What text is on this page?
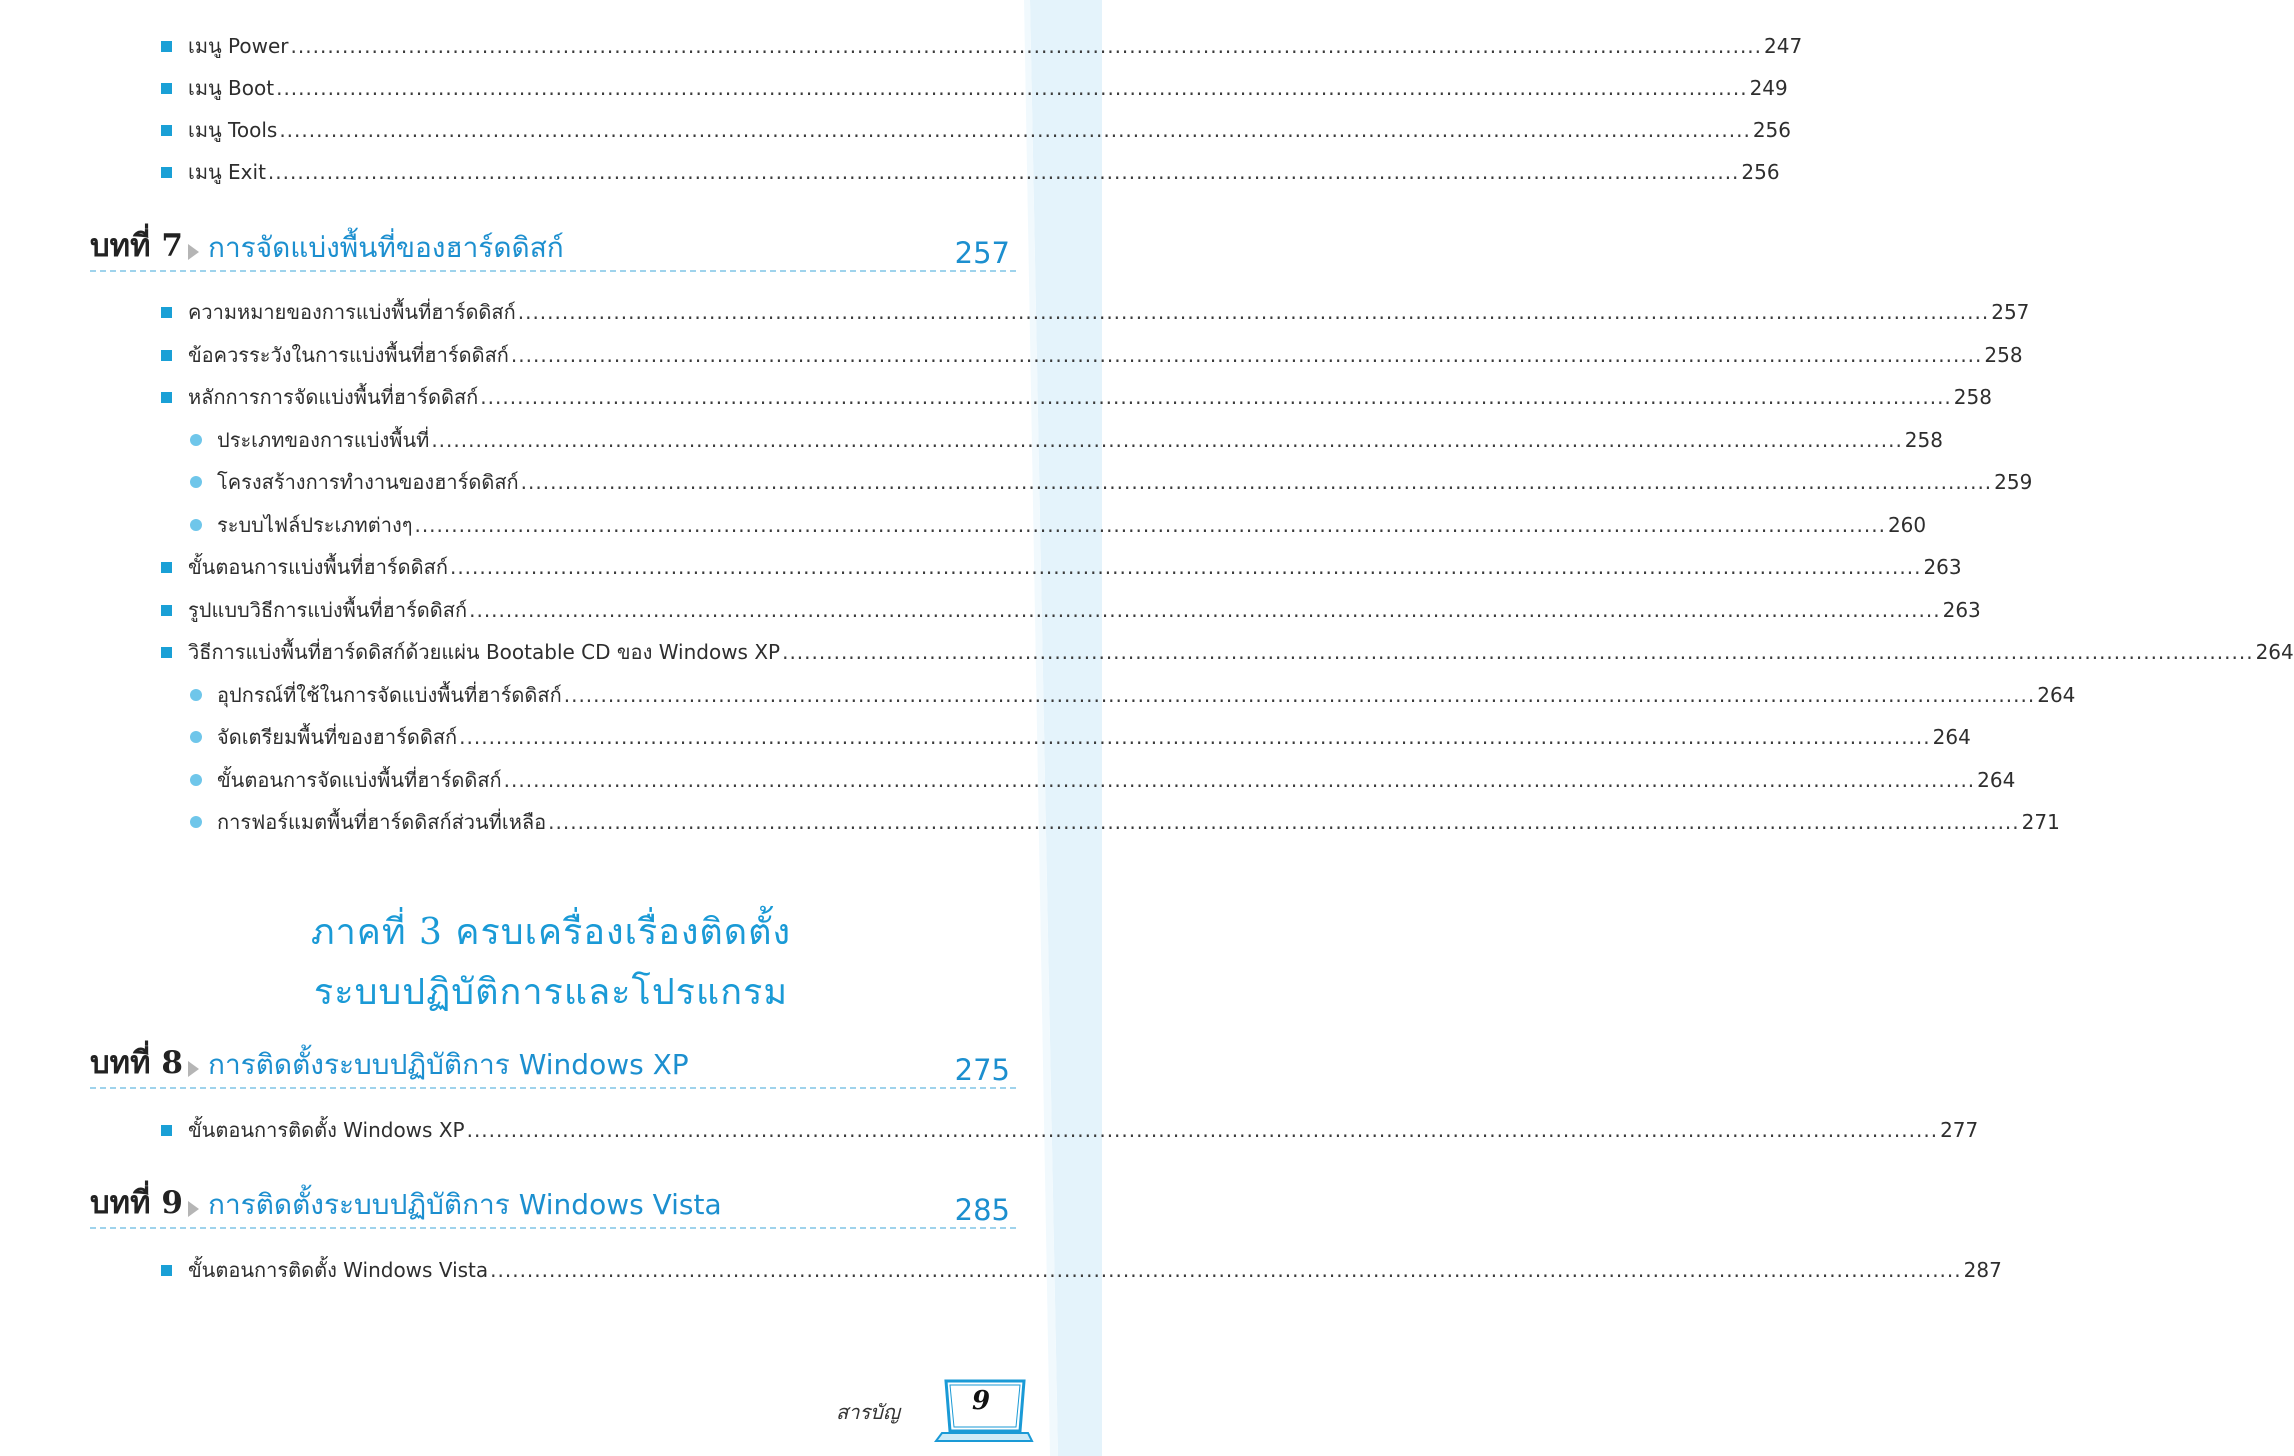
เมนู Power ........................................................................................................................................................................................................ 247
เมนู Boot ........................................................................................................................................................................................................ 249
เมนู Tools ........................................................................................................................................................................................................ 256
เมนู Exit ........................................................................................................................................................................................................ 256
บทที่ 7 การจัดแบ่งพื้นที่ของฮาร์ดดิสก์	257
ความหมายของการแบ่งพื้นที่ฮาร์ดดิสก์ ........................................................................................................................................................................................................ 257
ข้อควรระวังในการแบ่งพื้นที่ฮาร์ดดิสก์ ........................................................................................................................................................................................................ 258
หลักการการจัดแบ่งพื้นที่ฮาร์ดดิสก์ ........................................................................................................................................................................................................ 258
ประเภทของการแบ่งพื้นที่ ........................................................................................................................................................................................................ 258
โครงสร้างการทำงานของฮาร์ดดิสก์ ........................................................................................................................................................................................................ 259
ระบบไฟล์ประเภทต่างๆ ........................................................................................................................................................................................................ 260
ขั้นตอนการแบ่งพื้นที่ฮาร์ดดิสก์ ........................................................................................................................................................................................................ 263
รูปแบบวิธีการแบ่งพื้นที่ฮาร์ดดิสก์ ........................................................................................................................................................................................................ 263
วิธีการแบ่งพื้นที่ฮาร์ดดิสก์ด้วยแผ่น Bootable CD ของ Windows XP ........................................................................................................................................................................................................ 264
อุปกรณ์ที่ใช้ในการจัดแบ่งพื้นที่ฮาร์ดดิสก์ ........................................................................................................................................................................................................ 264
จัดเตรียมพื้นที่ของฮาร์ดดิสก์ ........................................................................................................................................................................................................ 264
ขั้นตอนการจัดแบ่งพื้นที่ฮาร์ดดิสก์ ........................................................................................................................................................................................................ 264
การฟอร์แมตพื้นที่ฮาร์ดดิสก์ส่วนที่เหลือ ........................................................................................................................................................................................................ 271
ภาคที่ 3 ครบเครื่องเรื่องติดตั้ง
ระบบปฏิบัติการและโปรแกรม
บทที่ 8 การติดตั้งระบบปฏิบัติการ Windows XP	275
ขั้นตอนการติดตั้ง Windows XP ........................................................................................................................................................................................................ 277
บทที่ 9 การติดตั้งระบบปฏิบัติการ Windows Vista	285
ขั้นตอนการติดตั้ง Windows Vista ........................................................................................................................................................................................................ 287
สารบัญ	9
